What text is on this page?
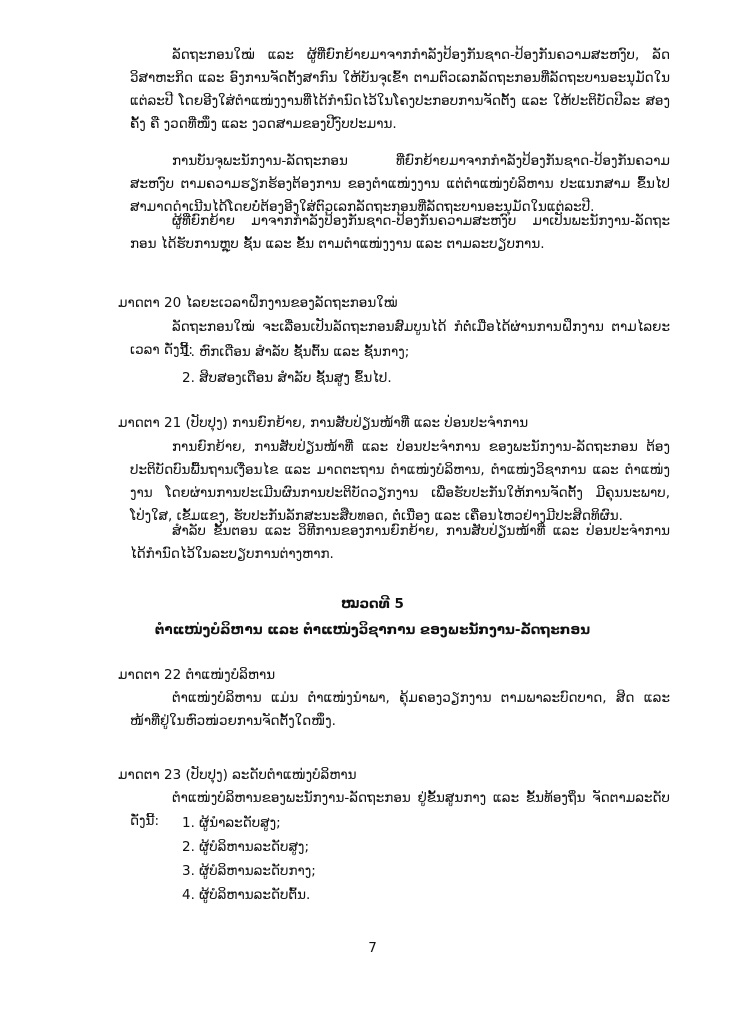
ລັດຖະກອນໃໝ່ ແລະ ຜູ້ທີ່ຍົກຍ້າຍມາຈາກກຳລັງປ້ອງກັນຊາດ-ປ້ອງກັນຄວາມສະຫງົບ, ລັດວິສາຫະກິດ ແລະ ອົງການຈັດຕັ້ງສາກົນ ໃຫ້ບັນຈຸເຂົ້າ ຕາມຕົວເລກລັດຖະກອນທີ່ລັດຖະບານອະນຸມັດໃນແຕ່ລະປີ ໂດຍອີງໃສ່ຕຳແໜ່ງງານທີ່ໄດ້ກຳນົດໄວ້ໃນໂຄງປະກອບການຈັດຕັ້ງ ແລະ ໃຫ້ປະຕິບັດປີລະ ສອງຄັ້ງ ຄື ງວດທີ່ໜຶ່ງ ແລະ ງວດສາມຂອງປີງົບປະມານ.

ການບັນຈຸພະນັກງານ-ລັດຖະກອນ ທີ່ຍົກຍ້າຍມາຈາກກຳລັງປ້ອງກັນຊາດ-ປ້ອງກັນຄວາມສະຫງົບ ຕາມຄວາມຮຽກຮ້ອງຕ້ອງການ ຂອງຕຳແໜ່ງງານ ແຕ່ຕຳແໜ່ງບໍລິຫານ ປະແນກສາມ ຂຶ້ນໄປ ສາມາດດຳເນີນໄດ້ໂດຍບໍ່ຕ້ອງອີງໃສ່ຕົວເລກລັດຖະກອນທີ່ລັດຖະບານອະນຸມັດໃນແຕ່ລະປີ.

ຜູ້ທີ່ຍົກຍ້າຍ ມາຈາກກຳລັງປ້ອງກັນຊາດ-ປ້ອງກັນຄວາມສະຫງົບ ມາເປັນພະນັກງານ-ລັດຖະກອນ ໄດ້ຮັບການຫຼຸບ ຊັ້ນ ແລະ ຂັ້ນ ຕາມຕຳແໜ່ງງານ ແລະ ຕາມລະບຽບການ.

ມາດຕາ 20 ໄລຍະເວລາຝຶກງານຂອງລັດຖະກອນໃໝ່

ລັດຖະກອນໃໝ່ ຈະເລື່ອນເປັນລັດຖະກອນສົມບູນໄດ້ ກໍຕໍ່ເມື່ອໄດ້ຜ່ານການຝຶກງານ ຕາມໄລຍະເວລາ ດັ່ງນີ້:

1. ຫົກເດືອນ ສຳລັບ ຊັ້ນຕົ້ນ ແລະ ຊັ້ນກາງ;

2. ສິບສອງເດືອນ ສຳລັບ ຊັ້ນສູງ ຂຶ້ນໄປ.

ມາດຕາ 21 (ປັບປຸງ) ການຍົກຍ້າຍ, ການສັບປ່ຽນໜ້າທີ່ ແລະ ປ່ອນປະຈຳການ

ການຍົກຍ້າຍ, ການສັບປ່ຽນໜ້າທີ່ ແລະ ປ່ອນປະຈຳການ ຂອງພະນັກງານ-ລັດຖະກອນ ຕ້ອງປະຕິບັດບົນພື້ນຖານເງື່ອນໄຂ ແລະ ມາດຕະຖານ ຕຳແໜ່ງບໍລິຫານ, ຕຳແໜ່ງວິຊາການ ແລະ ຕຳແໜ່ງງານ ໂດຍຜ່ານການປະເມີນຜົນການປະຕິບັດວຽກງານ ເພື່ອຮັບປະກັນໃຫ້ການຈັດຕັ້ງ ມີຄຸນນະພາບ, ໂປ່ງໃສ, ເຂັ້ມແຂງ, ຮັບປະກັນລັກສະນະສືບທອດ, ຕໍ່ເນື່ອງ ແລະ ເຄື່ອນໄຫວຢ່າງມີປະສິດທິຜົນ.

ສຳລັບ ຂັ້ນຕອນ ແລະ ວິທີການຂອງການຍົກຍ້າຍ, ການສັບປ່ຽນໜ້າທີ່ ແລະ ປ່ອນປະຈຳການ ໄດ້ກຳນົດໄວ້ໃນລະບຽບການຕ່າງຫາກ.

ໝວດທີ 5

ຕຳແໜ່ງບໍລິຫານ ແລະ ຕຳແໜ່ງວິຊາການ ຂອງພະນັກງານ-ລັດຖະກອນ

ມາດຕາ 22 ຕຳແໜ່ງບໍລິຫານ

ຕຳແໜ່ງບໍລິຫານ ແມ່ນ ຕຳແໜ່ງນຳພາ, ຄຸ້ມຄອງວຽກງານ ຕາມພາລະບົດບາດ, ສິດ ແລະ ໜ້າທີ່ຢູ່ໃນຫົວໜ່ວຍການຈັດຕັ້ງໃດໜຶ່ງ.

ມາດຕາ 23 (ປັບປຸງ) ລະດັບຕຳແໜ່ງບໍລິຫານ

ຕຳແໜ່ງບໍລິຫານຂອງພະນັກງານ-ລັດຖະກອນ ຢູ່ຂັ້ນສູນກາງ ແລະ ຂັ້ນທ້ອງຖິ່ນ ຈັດຕາມລະດັບ ດັ່ງນີ້:	1. ຜູ້ນຳລະດັບສູງ;

2. ຜູ້ບໍລິຫານລະດັບສູງ;

3. ຜູ້ບໍລິຫານລະດັບກາງ;

4. ຜູ້ບໍລິຫານລະດັບຕົ້ນ.

7
